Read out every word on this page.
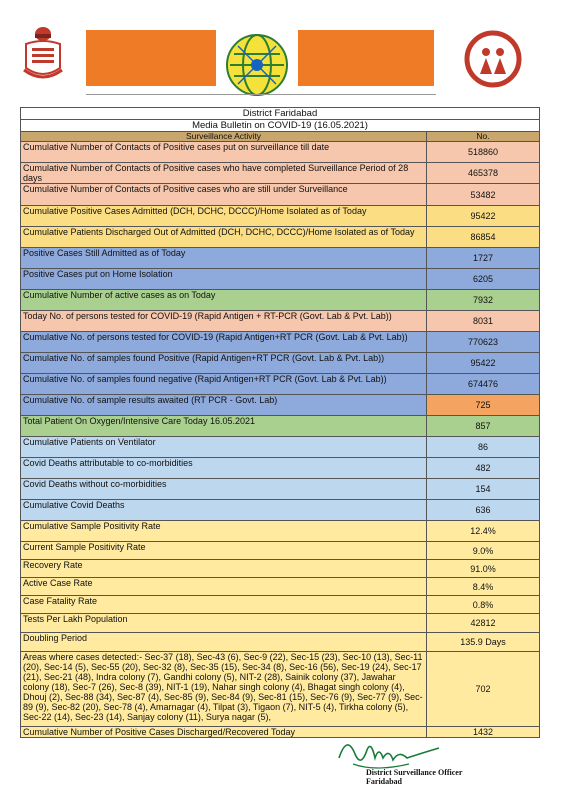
District Faridabad	
Media Bulletin on COVID-19 (16.05.2021)	
Surveillance Activity	No.
Cumulative Number of Contacts of Positive cases put on surveillance till date	518860
Cumulative Number of Contacts of Positive cases who have completed Surveillance Period of 28 days	465378
Cumulative Number of Contacts of Positive cases who are still under Surveillance	53482
Cumulative Positive Cases Admitted (DCH, DCHC, DCCC)/Home Isolated as of Today	95422
Cumulative Patients Discharged Out of Admitted (DCH, DCHC, DCCC)/Home Isolated as of Today	86854
Positive Cases Still Admitted as of Today	1727
Positive Cases put on Home Isolation	6205
Cumulative Number of active cases as on Today	7932
Today No. of persons tested for COVID-19 (Rapid Antigen + RT-PCR (Govt. Lab & Pvt. Lab))	8031
Cumulative No. of persons tested for COVID-19 (Rapid Antigen+RT PCR (Govt. Lab & Pvt. Lab))	770623
Cumulative No. of samples found Positive (Rapid Antigen+RT PCR (Govt. Lab & Pvt. Lab))	95422
Cumulative No. of samples found negative (Rapid Antigen+RT PCR (Govt. Lab & Pvt. Lab))	674476
Cumulative No. of sample results awaited (RT PCR - Govt. Lab)	725
Total Patient On Oxygen/Intensive Care Today 16.05.2021	857
Cumulative Patients on Ventilator	86
Covid Deaths attributable to co-morbidities	482
Covid Deaths without co-morbidities	154
Cumulative Covid Deaths	636
Cumulative Sample Positivity Rate	12.4%
Current Sample Positivity Rate	9.0%
Recovery Rate	91.0%
Active Case Rate	8.4%
Case Fatality Rate	0.8%
Tests Per Lakh Population	42812
Doubling Period	135.9 Days
Areas where cases detected:- Sec-37 (18), Sec-43 (6), Sec-9 (22), Sec-15 (23), Sec-10 (13), Sec-11 (20), Sec-14 (5), Sec-55 (20), Sec-32 (8), Sec-35 (15), Sec-34 (8), Sec-16 (56), Sec-19 (24), Sec-17 (21), Sec-21 (48), Indra colony (7), Gandhi colony (5), NIT-2 (28), Sainik colony (37), Jawahar colony (18), Sec-7 (26), Sec-8 (39), NIT-1 (19), Nahar singh colony (4), Bhagat singh colony (4), Dhouj (2), Sec-88 (34), Sec-87 (4), Sec-85 (9), Sec-84 (9), Sec-81 (15), Sec-76 (9), Sec-77 (9), Sec-89 (9), Sec-82 (20), Sec-78 (4), Amarnagar (4), Tilpat (3), Tigaon (7), NIT-5 (4), Tirkha colony (5), Sec-22 (14), Sec-23 (14), Sanjay colony (11), Surya nagar (5),	702
Cumulative Number of Positive Cases Discharged/Recovered Today	1432
District Surveillance Officer
Faridabad
